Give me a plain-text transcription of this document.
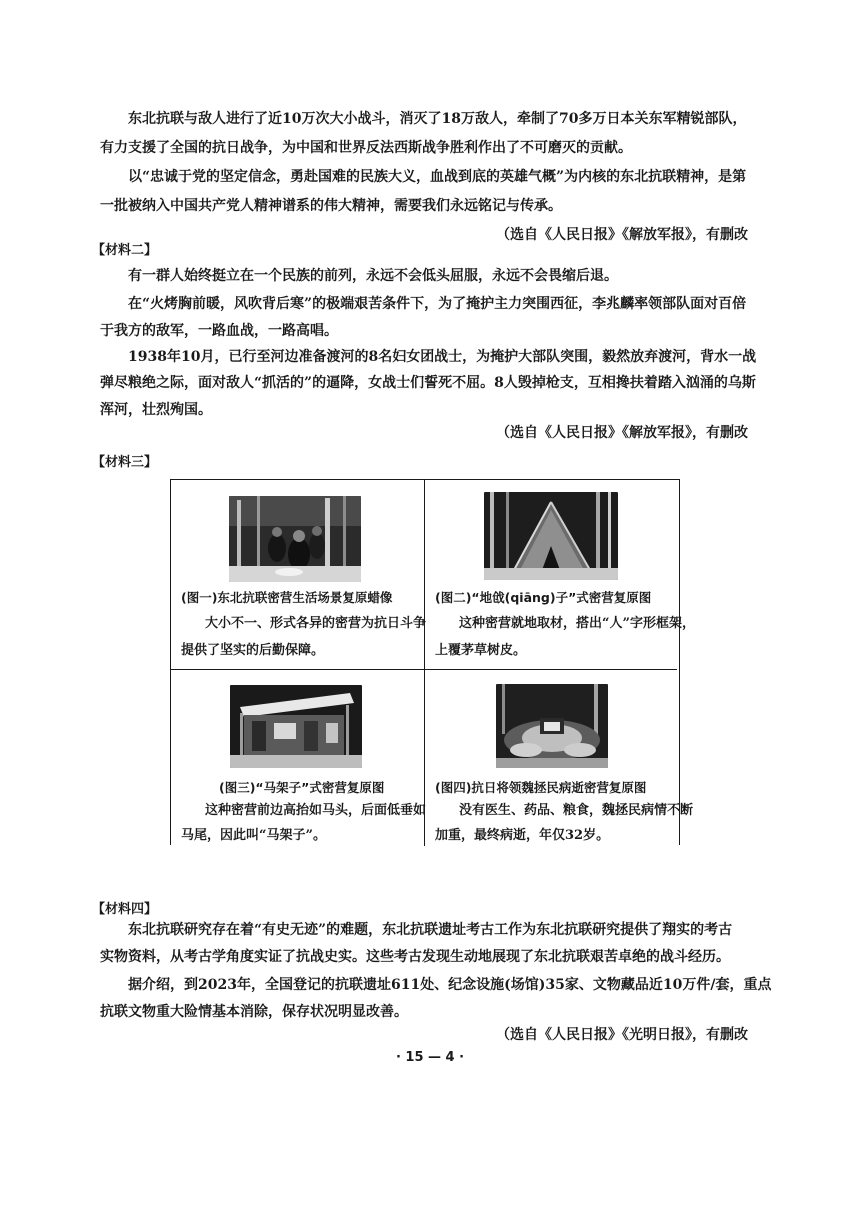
东北抗联与敌人进行了近10万次大小战斗，消灭了18万敌人，牵制了70多万日本关东军精锐部队，

有力支援了全国的抗日战争，为中国和世界反法西斯战争胜利作出了不可磨灭的贡献。

以“忠诚于党的坚定信念，勇赴国难的民族大义，血战到底的英雄气概”为内核的东北抗联精神，是第

一批被纳入中国共产党人精神谱系的伟大精神，需要我们永远铭记与传承。

（选自《人民日报》《解放军报》，有删改

【材料二】

有一群人始终挺立在一个民族的前列，永远不会低头屈服，永远不会畏缩后退。

在“火烤胸前暖，风吹背后寒”的极端艰苦条件下，为了掩护主力突围西征，李兆麟率领部队面对百倍

于我方的敌军，一路血战，一路高唱。

1938年10月，已行至河边准备渡河的8名妇女团战士，为掩护大部队突围，毅然放弃渡河，背水一战

弹尽粮绝之际，面对敌人“抓活的”的逼降，女战士们誓死不屈。8人毁掉枪支，互相搀扶着踏入汹涌的乌斯

浑河，壮烈殉国。

（选自《人民日报》《解放军报》，有删改

【材料三】

(图一)东北抗联密营生活场景复原蜡像

大小不一、形式各异的密营为抗日斗争

提供了坚实的后勤保障。

(图二)“地戗(qiāng)子”式密营复原图

这种密营就地取材，搭出“人”字形框架，

上覆茅草树皮。

(图三)“马架子”式密营复原图

这种密营前边高抬如马头，后面低垂如

马尾，因此叫“马架子”。

(图四)抗日将领魏拯民病逝密营复原图

没有医生、药品、粮食，魏拯民病情不断

加重，最终病逝，年仅32岁。

【材料四】

东北抗联研究存在着“有史无迹”的难题，东北抗联遗址考古工作为东北抗联研究提供了翔实的考古

实物资料，从考古学角度实证了抗战史实。这些考古发现生动地展现了东北抗联艰苦卓绝的战斗经历。

据介绍，到2023年，全国登记的抗联遗址611处、纪念设施(场馆)35家、文物藏品近10万件/套，重点

抗联文物重大险情基本消除，保存状况明显改善。

（选自《人民日报》《光明日报》，有删改

· 15 — 4 ·
